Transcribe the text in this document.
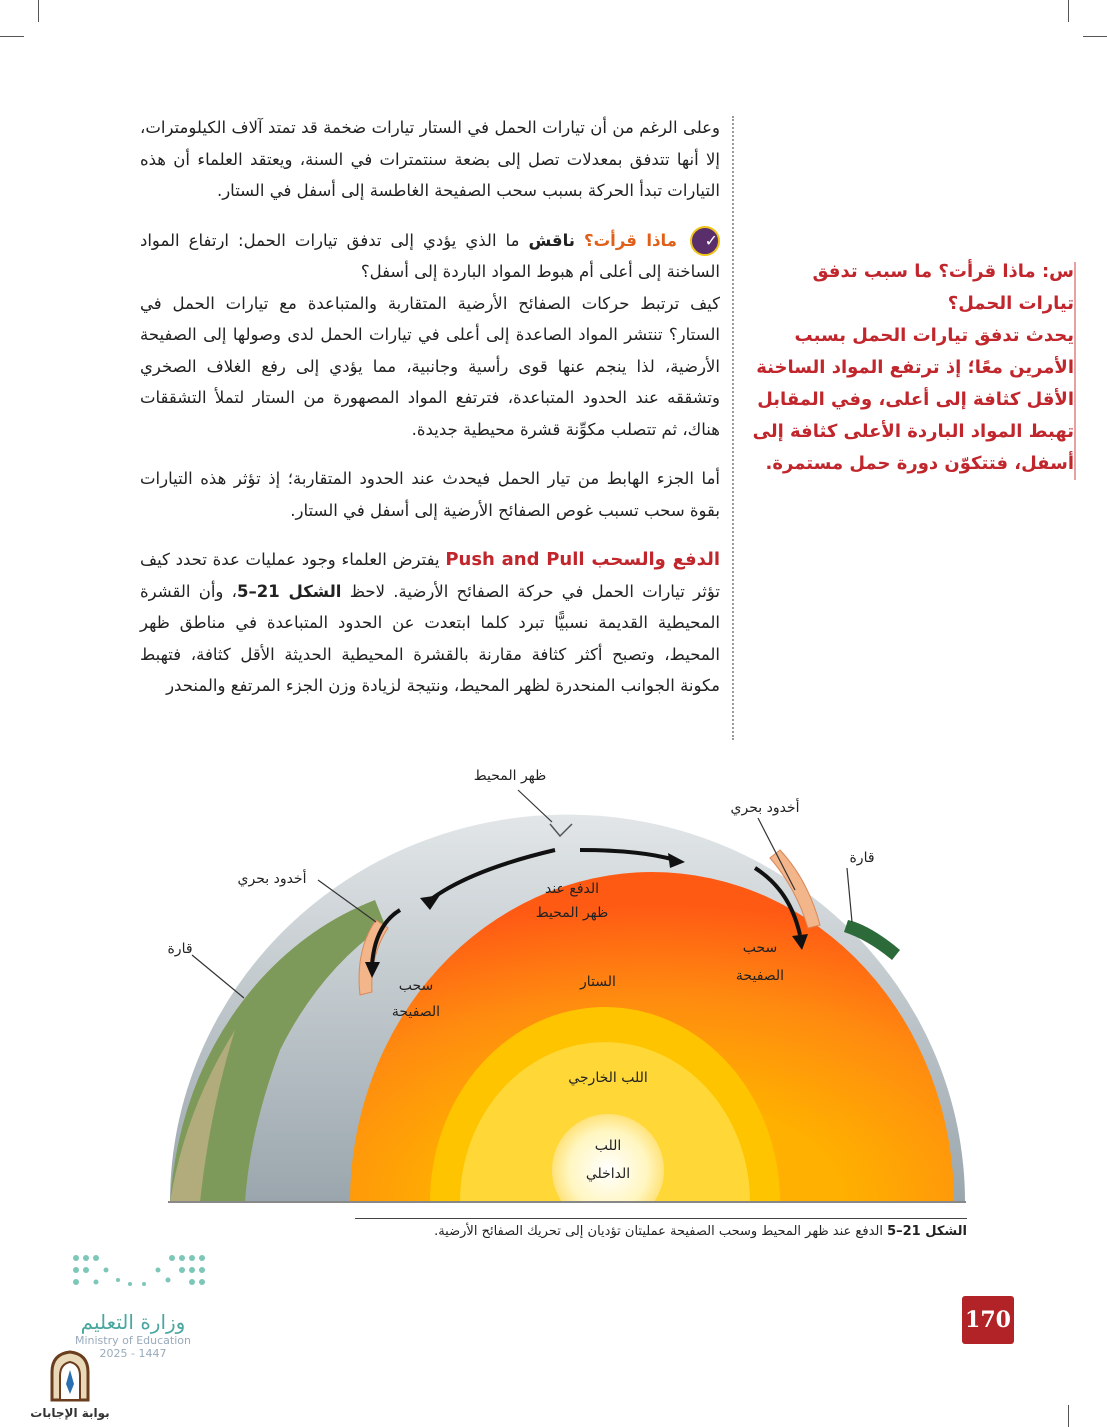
وعلى الرغم من أن تيارات الحمل في الستار تيارات ضخمة قد تمتد آلاف الكيلومترات، إلا أنها تتدفق بمعدلات تصل إلى بضعة سنتمترات في السنة، ويعتقد العلماء أن هذه التيارات تبدأ الحركة بسبب سحب الصفيحة الغاطسة إلى أسفل في الستار.

✓ ماذا قرأت؟ ناقش ما الذي يؤدي إلى تدفق تيارات الحمل: ارتفاع المواد الساخنة إلى أعلى أم هبوط المواد الباردة إلى أسفل؟

كيف ترتبط حركات الصفائح الأرضية المتقاربة والمتباعدة مع تيارات الحمل في الستار؟ تنتشر المواد الصاعدة إلى أعلى في تيارات الحمل لدى وصولها إلى الصفيحة الأرضية، لذا ينجم عنها قوى رأسية وجانبية، مما يؤدي إلى رفع الغلاف الصخري وتشققه عند الحدود المتباعدة، فترتفع المواد المصهورة من الستار لتملأ التشققات هناك، ثم تتصلب مكوِّنة قشرة محيطية جديدة.

أما الجزء الهابط من تيار الحمل فيحدث عند الحدود المتقاربة؛ إذ تؤثر هذه التيارات بقوة سحب تسبب غوص الصفائح الأرضية إلى أسفل في الستار.

الدفع والسحب Push and Pull يفترض العلماء وجود عمليات عدة تحدد كيف تؤثر تيارات الحمل في حركة الصفائح الأرضية. لاحظ الشكل 21–5، وأن القشرة المحيطية القديمة نسبيًّا تبرد كلما ابتعدت عن الحدود المتباعدة في مناطق ظهر المحيط، وتصبح أكثر كثافة مقارنة بالقشرة المحيطية الحديثة الأقل كثافة، فتهبط مكونة الجوانب المنحدرة لظهر المحيط، ونتيجة لزيادة وزن الجزء المرتفع والمنحدر

س: ماذا قرأت؟ ما سبب تدفق تيارات الحمل؟
يحدث تدفق تيارات الحمل بسبب الأمرين معًا؛ إذ ترتفع المواد الساخنة الأقل كثافة إلى أعلى، وفي المقابل تهبط المواد الباردة الأعلى كثافة إلى أسفل، فتتكوّن دورة حمل مستمرة.
ظهر المحيط
أخدود بحري
قارة
أخدود بحري
قارة
الدفع عند
ظهر المحيط
سحب
الصفيحة
سحب
الصفيحة
الستار
اللب الخارجي
اللب
الداخلي
الشكل 21–5 الدفع عند ظهر المحيط وسحب الصفيحة عمليتان تؤديان إلى تحريك الصفائح الأرضية.
170
وزارة التعليم
Ministry of Education
2025 - 1447
بوابة الإجابات
